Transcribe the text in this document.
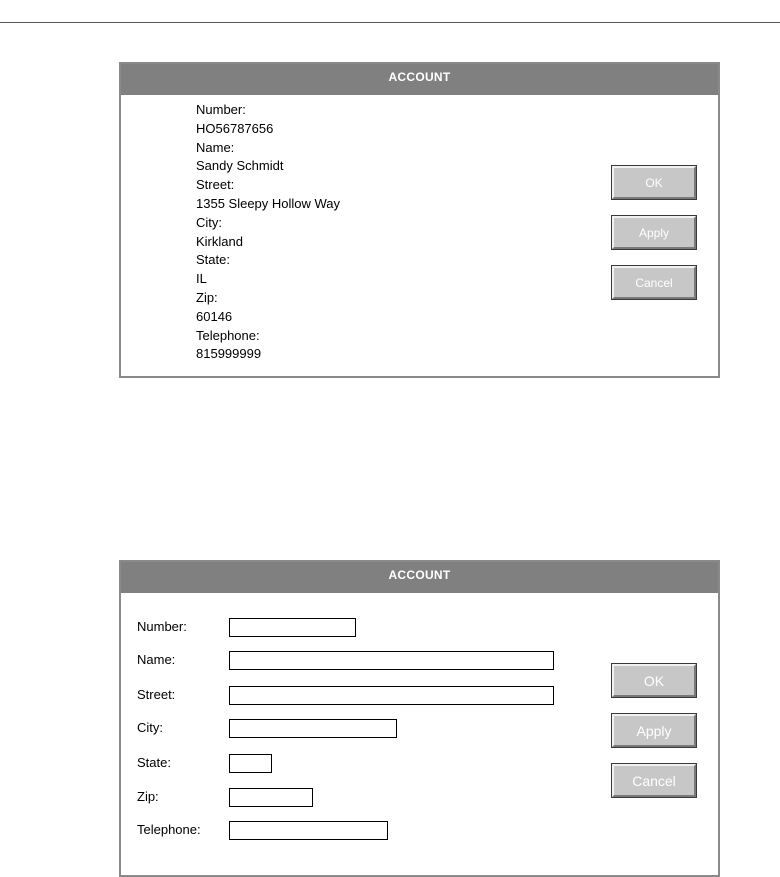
ACCOUNT
Number:
HO56787656
Name:
Sandy Schmidt
Street:
1355 Sleepy Hollow Way
City:
Kirkland
State:
IL
Zip:
60146
Telephone:
815999999
OK
Apply
Cancel
ACCOUNT
Number:
Name:
Street:
City:
State:
Zip:
Telephone:
OK
Apply
Cancel
